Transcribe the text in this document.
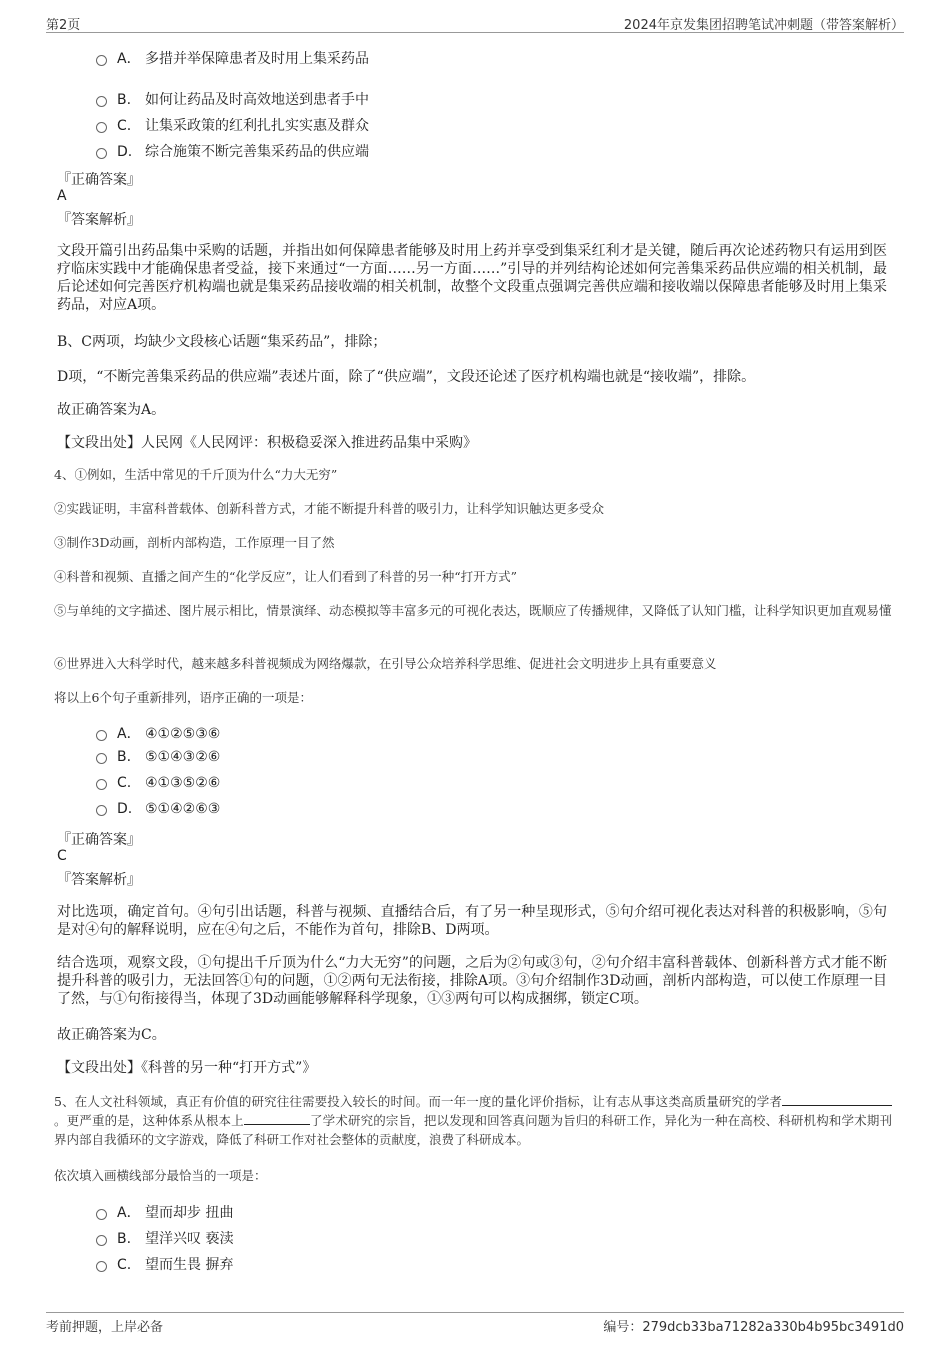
第2页	2024年京发集团招聘笔试冲刺题（带答案解析）
A． 多措并举保障患者及时用上集采药品
B. 如何让药品及时高效地送到患者手中
C. 让集采政策的红利扎扎实实惠及群众
D. 综合施策不断完善集采药品的供应端
『正确答案』
A
『答案解析』
文段开篇引出药品集中采购的话题，并指出如何保障患者能够及时用上药并享受到集采红利才是关键，随后再次论述药物只有运用到医疗临床实践中才能确保患者受益，接下来通过“一方面……另一方面……”引导的并列结构论述如何完善集采药品供应端的相关机制，最后论述如何完善医疗机构端也就是集采药品接收端的相关机制，故整个文段重点强调完善供应端和接收端以保障患者能够及时用上集采药品，对应A项。
B、C两项，均缺少文段核心话题“集采药品”，排除；
D项，“不断完善集采药品的供应端”表述片面，除了“供应端”，文段还论述了医疗机构端也就是“接收端”，排除。
故正确答案为A。
【文段出处】人民网《人民网评：积极稳妥深入推进药品集中采购》
4、①例如，生活中常见的千斤顶为什么“力大无穷”
②实践证明，丰富科普载体、创新科普方式，才能不断提升科普的吸引力，让科学知识触达更多受众
③制作3D动画，剖析内部构造，工作原理一目了然
④科普和视频、直播之间产生的“化学反应”，让人们看到了科普的另一种“打开方式”
⑤与单纯的文字描述、图片展示相比，情景演绎、动态模拟等丰富多元的可视化表达，既顺应了传播规律，又降低了认知门槛，让科学知识更加直观易懂
⑥世界进入大科学时代，越来越多科普视频成为网络爆款，在引导公众培养科学思维、促进社会文明进步上具有重要意义
将以上6个句子重新排列，语序正确的一项是：
A． ④①②⑤③⑥
B. ⑤①④③②⑥
C. ④①③⑤②⑥
D. ⑤①④②⑥③
『正确答案』
C
『答案解析』
对比选项，确定首句。④句引出话题，科普与视频、直播结合后，有了另一种呈现形式，⑤句介绍可视化表达对科普的积极影响，⑤句是对④句的解释说明，应在④句之后，不能作为首句，排除B、D两项。
结合选项，观察文段，①句提出千斤顶为什么“力大无穷”的问题，之后为②句或③句，②句介绍丰富科普载体、创新科普方式才能不断提升科普的吸引力，无法回答①句的问题，①②两句无法衔接，排除A项。③句介绍制作3D动画，剖析内部构造，可以使工作原理一目了然，与①句衔接得当，体现了3D动画能够解释科学现象，①③两句可以构成捆绑，锁定C项。
故正确答案为C。
【文段出处】《科普的另一种“打开方式”》
5、在人文社科领域，真正有价值的研究往往需要投入较长的时间。而一年一度的量化评价指标，让有志从事这类高质量研究的学者。更严重的是，这种体系从根本上	了学术研究的宗旨，把以发现和回答真问题为旨归的科研工作，异化为一种在高校、科研机构和学术期刊界内部自我循环的文字游戏，降低了科研工作对社会整体的贡献度，浪费了科研成本。
依次填入画横线部分最恰当的一项是：
A． 望而却步 扭曲
B. 望洋兴叹 亵渎
C. 望而生畏 摒弃
考前押题，上岸必备	编号：279dcb33ba71282a330b4b95bc3491d0
